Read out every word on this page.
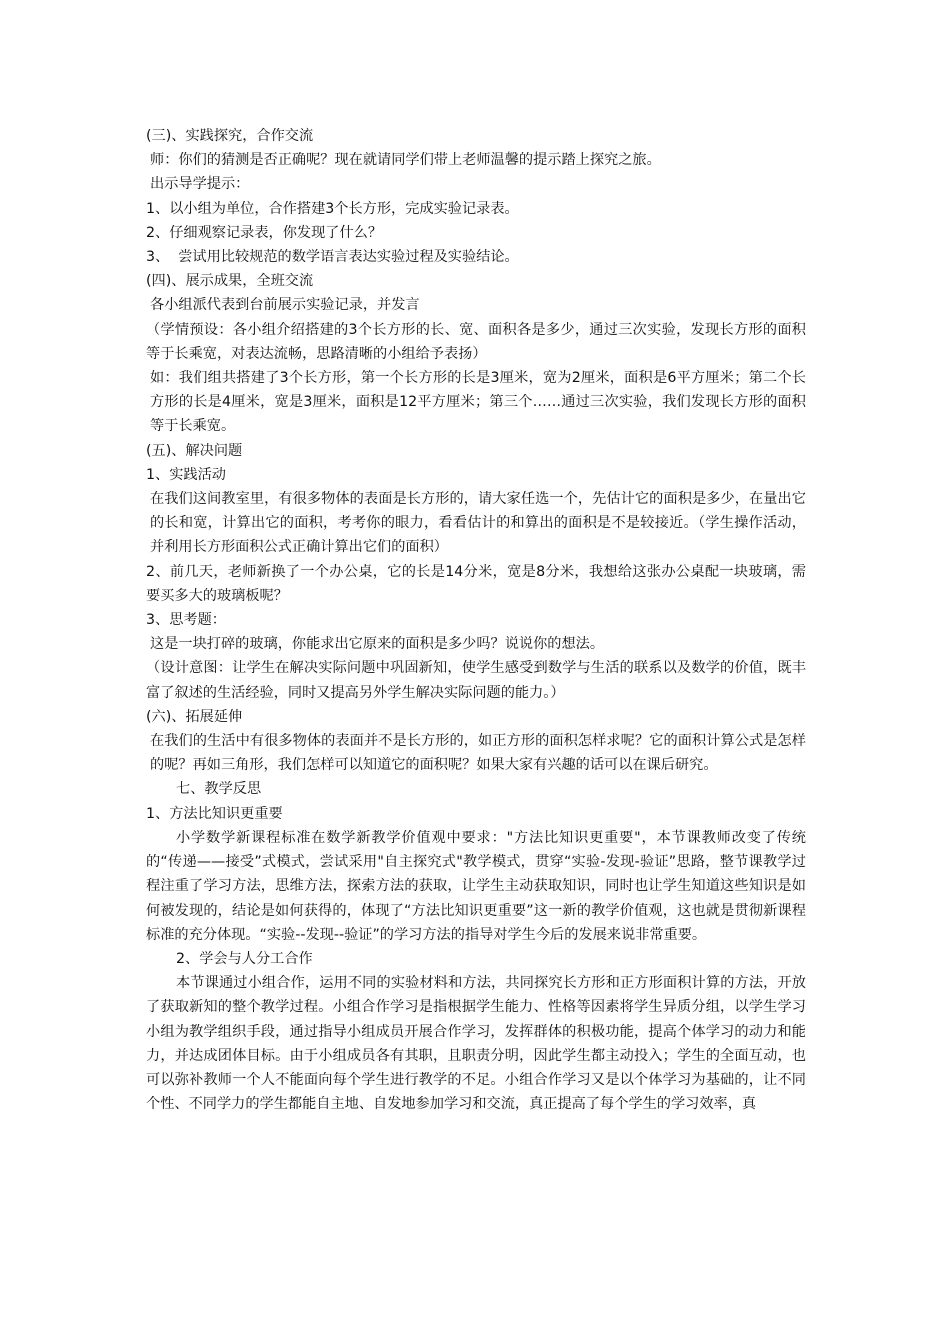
(三)、实践探究，合作交流

师：你们的猜测是否正确呢？现在就请同学们带上老师温馨的提示踏上探究之旅。

出示导学提示：

1、以小组为单位，合作搭建3个长方形，完成实验记录表。

2、仔细观察记录表，你发现了什么？

3、  尝试用比较规范的数学语言表达实验过程及实验结论。

(四)、展示成果，全班交流

各小组派代表到台前展示实验记录，并发言

（学情预设：各小组介绍搭建的3个长方形的长、宽、面积各是多少，通过三次实验，发现长方形的面积等于长乘宽，对表达流畅，思路清晰的小组给予表扬）

如：我们组共搭建了3个长方形，第一个长方形的长是3厘米，宽为2厘米，面积是6平方厘米；第二个长方形的长是4厘米，宽是3厘米，面积是12平方厘米；第三个……通过三次实验，我们发现长方形的面积等于长乘宽。

(五)、解决问题

1、实践活动

在我们这间教室里，有很多物体的表面是长方形的，请大家任选一个，先估计它的面积是多少，在量出它的长和宽，计算出它的面积，考考你的眼力，看看估计的和算出的面积是不是较接近。（学生操作活动，并利用长方形面积公式正确计算出它们的面积）

2、前几天，老师新换了一个办公桌，它的长是14分米，宽是8分米，我想给这张办公桌配一块玻璃，需要买多大的玻璃板呢？

3、思考题：

这是一块打碎的玻璃，你能求出它原来的面积是多少吗？说说你的想法。

（设计意图：让学生在解决实际问题中巩固新知，使学生感受到数学与生活的联系以及数学的价值，既丰富了叙述的生活经验，同时又提高另外学生解决实际问题的能力。）

(六)、拓展延伸

在我们的生活中有很多物体的表面并不是长方形的，如正方形的面积怎样求呢？它的面积计算公式是怎样的呢？再如三角形，我们怎样可以知道它的面积呢？如果大家有兴趣的话可以在课后研究。

七、教学反思

1、方法比知识更重要

小学数学新课程标准在数学新教学价值观中要求："方法比知识更重要"，本节课教师改变了传统的“传递——接受”式模式，尝试采用"自主探究式"教学模式，贯穿“实验-发现-验证”思路，整节课教学过程注重了学习方法，思维方法，探索方法的获取，让学生主动获取知识，同时也让学生知道这些知识是如何被发现的，结论是如何获得的，体现了“方法比知识更重要”这一新的教学价值观，这也就是贯彻新课程标准的充分体现。“实验--发现--验证”的学习方法的指导对学生今后的发展来说非常重要。

2、学会与人分工合作

本节课通过小组合作，运用不同的实验材料和方法，共同探究长方形和正方形面积计算的方法，开放了获取新知的整个教学过程。小组合作学习是指根据学生能力、性格等因素将学生异质分组，以学生学习小组为教学组织手段，通过指导小组成员开展合作学习，发挥群体的积极功能，提高个体学习的动力和能力，并达成团体目标。由于小组成员各有其职，且职责分明，因此学生都主动投入；学生的全面互动，也可以弥补教师一个人不能面向每个学生进行教学的不足。小组合作学习又是以个体学习为基础的，让不同个性、不同学力的学生都能自主地、自发地参加学习和交流，真正提高了每个学生的学习效率，真
